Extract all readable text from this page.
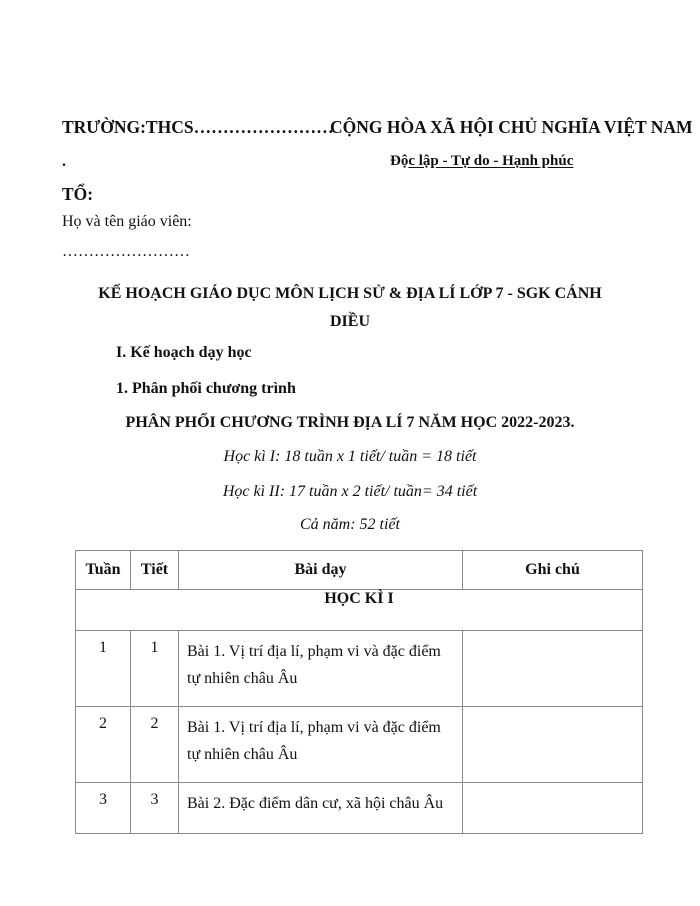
TRƯỜNG:THCS……………………
CỘNG HÒA XÃ HỘI CHỦ NGHĨA VIỆT NAM
.	Độc lập - Tự do - Hạnh phúc
TỔ:
Họ và tên giáo viên:
……………………
KẾ HOẠCH GIÁO DỤC MÔN LỊCH SỬ & ĐỊA LÍ LỚP 7 - SGK CÁNH
DIỀU
I. Kế hoạch dạy học
1. Phân phối chương trình
PHÂN PHỐI CHƯƠNG TRÌNH ĐỊA LÍ 7 NĂM HỌC 2022-2023.
Học kì I: 18 tuần x 1 tiết/ tuần = 18 tiết
Học kì II: 17 tuần x 2 tiết/ tuần= 34 tiết
Cả năm: 52 tiết
Tuần	Tiết	Bài dạy	Ghi chú
HỌC KÌ I			
1	1	Bài 1. Vị trí địa lí, phạm vi và đặc điểm tự nhiên châu Âu	
2	2	Bài 1. Vị trí địa lí, phạm vi và đặc điểm tự nhiên châu Âu	
3	3	Bài 2. Đặc điểm dân cư, xã hội châu Âu	
